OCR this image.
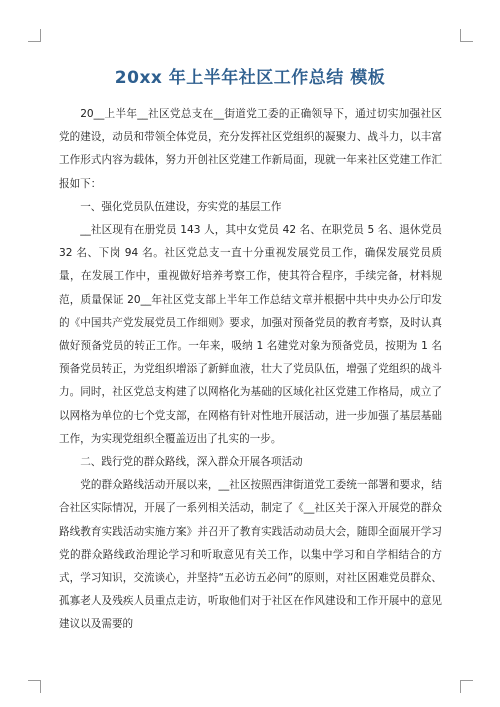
20xx 年上半年社区工作总结 模板

20__上半年__社区党总支在__街道党工委的正确领导下，通过切实加强社区党的建设，动员和带领全体党员，充分发挥社区党组织的凝聚力、战斗力，以丰富工作形式内容为载体，努力开创社区党建工作新局面，现就一年来社区党建工作汇报如下：

一、强化党员队伍建设，夯实党的基层工作

__社区现有在册党员 143 人，其中女党员 42 名、在职党员 5 名、退休党员 32 名、下岗 94 名。社区党总支一直十分重视发展党员工作，确保发展党员质量，在发展工作中，重视做好培养考察工作，使其符合程序，手续完备，材料规范，质量保证 20__年社区党支部上半年工作总结文章并根据中共中央办公厅印发的《中国共产党发展党员工作细则》要求，加强对预备党员的教育考察，及时认真做好预备党员的转正工作。一年来，吸纳 1 名建党对象为预备党员，按期为 1 名预备党员转正，为党组织增添了新鲜血液，壮大了党员队伍，增强了党组织的战斗力。同时，社区党总支构建了以网格化为基础的区域化社区党建工作格局，成立了以网格为单位的七个党支部，在网格有针对性地开展活动，进一步加强了基层基础工作，为实现党组织全覆盖迈出了扎实的一步。

二、践行党的群众路线，深入群众开展各项活动

党的群众路线活动开展以来，__社区按照西津街道党工委统一部署和要求，结合社区实际情况，开展了一系列相关活动，制定了《__社区关于深入开展党的群众路线教育实践活动实施方案》并召开了教育实践活动动员大会，随即全面展开学习党的群众路线政治理论学习和听取意见有关工作，以集中学习和自学相结合的方式，学习知识，交流谈心，并坚持“五必访五必问”的原则，对社区困难党员群众、孤寡老人及残疾人员重点走访，听取他们对于社区在作风建设和工作开展中的意见建议以及需要的
